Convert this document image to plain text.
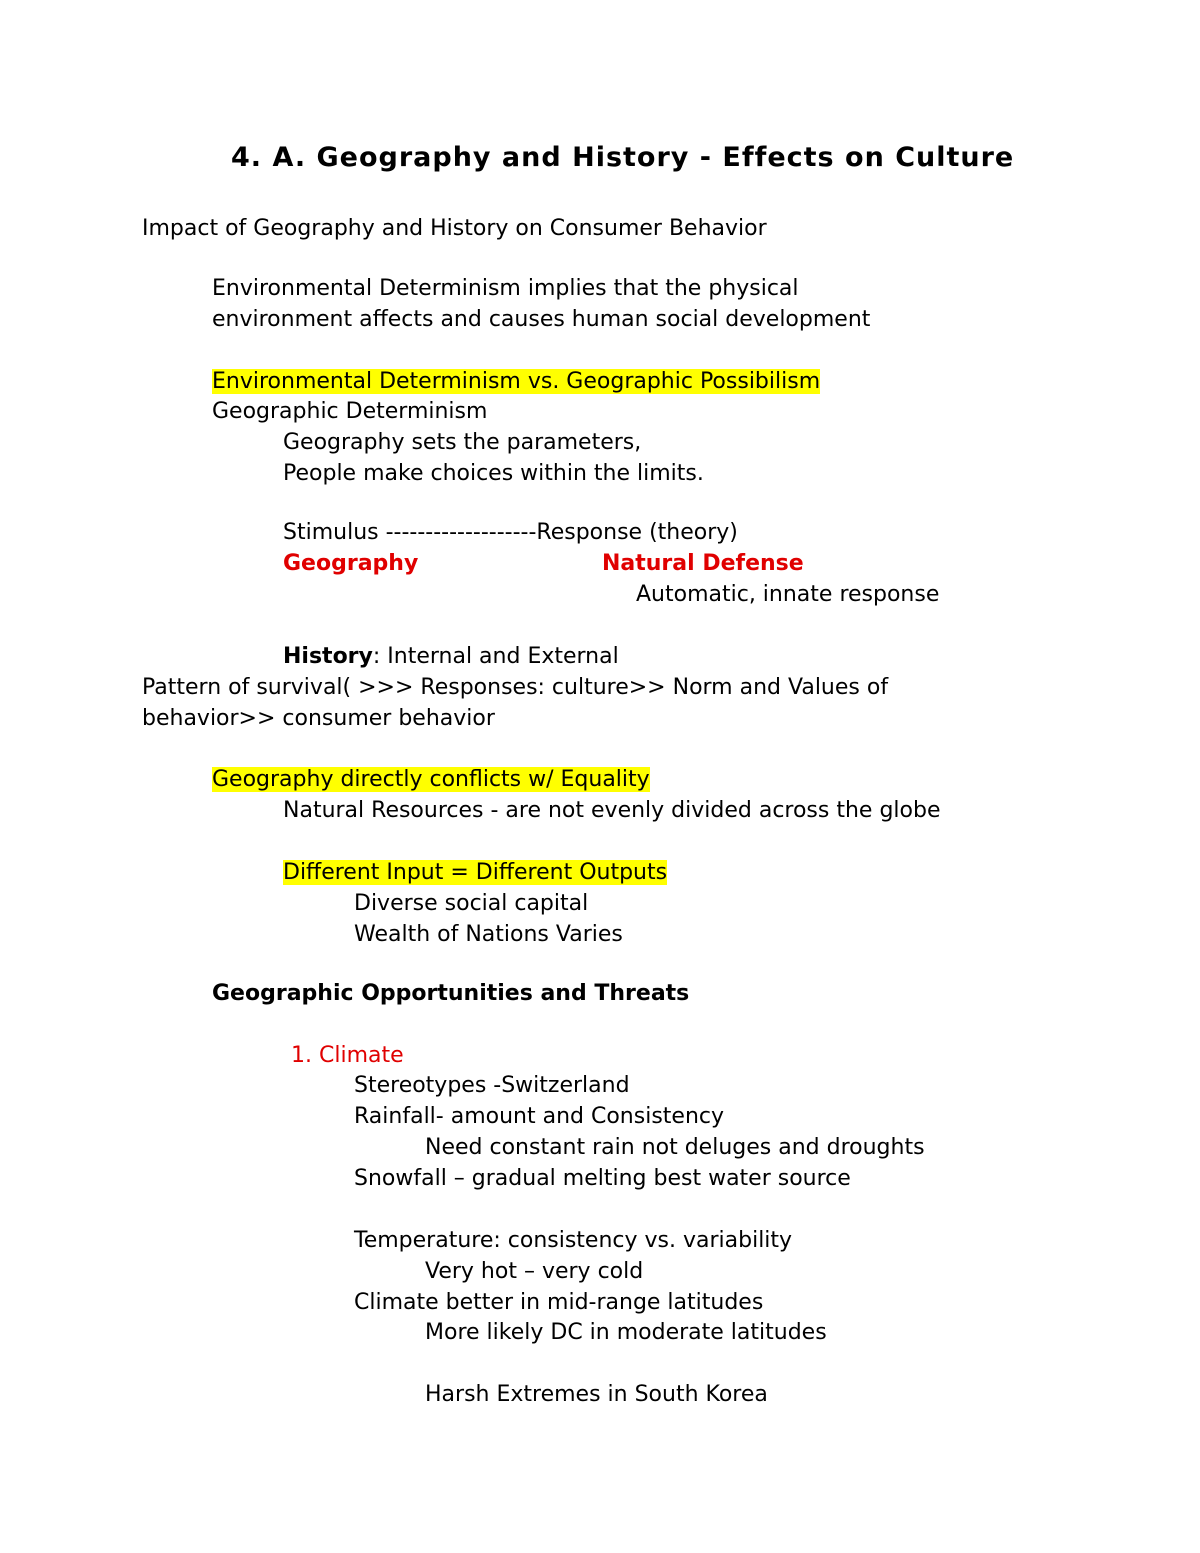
4. A. Geography and History - Effects on Culture
Impact of Geography and History on Consumer Behavior
Environmental Determinism implies that the physical
environment affects and causes human social development
Environmental Determinism vs. Geographic Possibilism
Geographic Determinism
Geography sets the parameters,
People make choices within the limits.
Stimulus -------------------Response (theory)
Geography	Natural Defense
Automatic, innate response
History: Internal and External
Pattern of survival( >>> Responses: culture>> Norm and Values of
behavior>> consumer behavior
Geography directly conflicts w/ Equality
Natural Resources - are not evenly divided across the globe
Different Input = Different Outputs
Diverse social capital
Wealth of Nations Varies
Geographic Opportunities and Threats
1. Climate
Stereotypes -Switzerland
Rainfall- amount and Consistency
Need constant rain not deluges and droughts
Snowfall – gradual melting best water source
Temperature: consistency vs. variability
Very hot – very cold
Climate better in mid-range latitudes
More likely DC in moderate latitudes
Harsh Extremes in South Korea
